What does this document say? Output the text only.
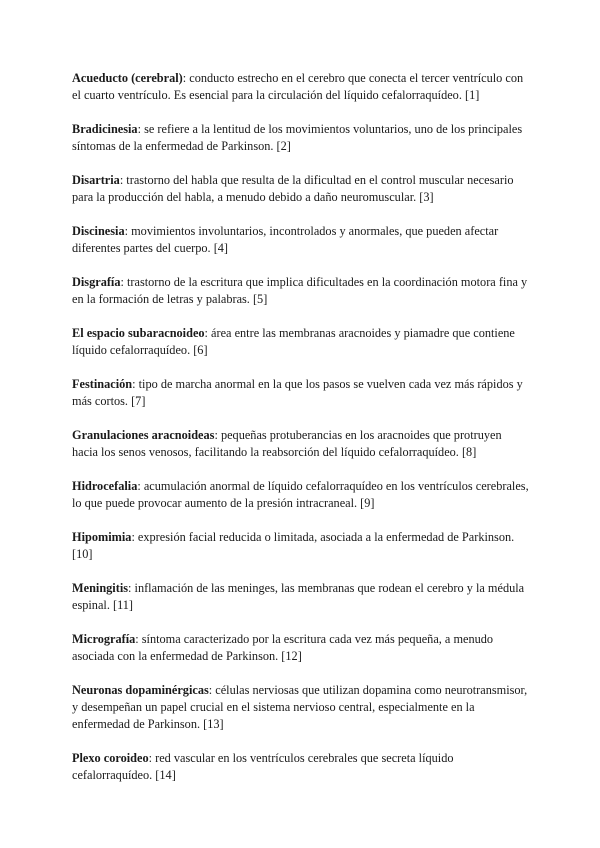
Acueducto (cerebral): conducto estrecho en el cerebro que conecta el tercer ventrículo con el cuarto ventrículo. Es esencial para la circulación del líquido cefalorraquídeo. [1]

Bradicinesia: se refiere a la lentitud de los movimientos voluntarios, uno de los principales síntomas de la enfermedad de Parkinson. [2]

Disartria: trastorno del habla que resulta de la dificultad en el control muscular necesario para la producción del habla, a menudo debido a daño neuromuscular. [3]

Discinesia: movimientos involuntarios, incontrolados y anormales, que pueden afectar diferentes partes del cuerpo. [4]

Disgrafía: trastorno de la escritura que implica dificultades en la coordinación motora fina y en la formación de letras y palabras. [5]

El espacio subaracnoideo: área entre las membranas aracnoides y piamadre que contiene líquido cefalorraquídeo. [6]

Festinación: tipo de marcha anormal en la que los pasos se vuelven cada vez más rápidos y más cortos. [7]

Granulaciones aracnoideas: pequeñas protuberancias en los aracnoides que protruyen hacia los senos venosos, facilitando la reabsorción del líquido cefalorraquídeo. [8]

Hidrocefalia: acumulación anormal de líquido cefalorraquídeo en los ventrículos cerebrales, lo que puede provocar aumento de la presión intracraneal. [9]

Hipomimia: expresión facial reducida o limitada, asociada a la enfermedad de Parkinson. [10]

Meningitis: inflamación de las meninges, las membranas que rodean el cerebro y la médula espinal. [11]

Micrografía: síntoma caracterizado por la escritura cada vez más pequeña, a menudo asociada con la enfermedad de Parkinson. [12]

Neuronas dopaminérgicas: células nerviosas que utilizan dopamina como neurotransmisor, y desempeñan un papel crucial en el sistema nervioso central, especialmente en la enfermedad de Parkinson. [13]

Plexo coroideo: red vascular en los ventrículos cerebrales que secreta líquido cefalorraquídeo. [14]
